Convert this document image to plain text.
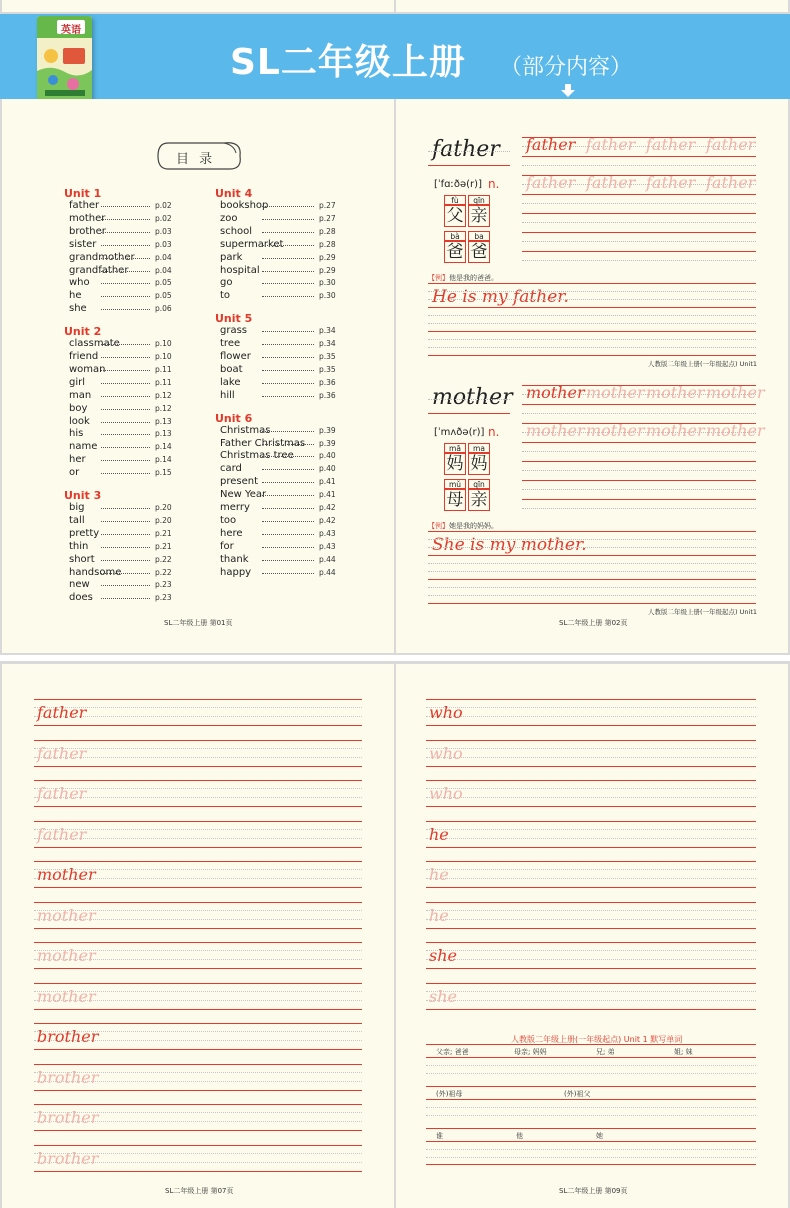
英语
SL二年级上册 （部分内容）
目 录
Unit 1
father	p.02
mother	p.02
brother	p.03
sister	p.03
grandmother	p.04
grandfather	p.04
who	p.05
he	p.05
she	p.06
Unit 2
classmate	p.10
friend	p.10
woman	p.11
girl	p.11
man	p.12
boy	p.12
look	p.13
his	p.13
name	p.14
her	p.14
or	p.15
Unit 3
big	p.20
tall	p.20
pretty	p.21
thin	p.21
short	p.22
handsome	p.22
new	p.23
does	p.23
Unit 4
bookshop	p.27
zoo	p.27
school	p.28
supermarket	p.28
park	p.29
hospital	p.29
go	p.30
to	p.30
Unit 5
grass	p.34
tree	p.34
flower	p.35
boat	p.35
lake	p.36
hill	p.36
Unit 6
Christmas	p.39
Father Christmas p.39
Christmas tree	p.40
card	p.40
present	p.41
New Year	p.41
merry	p.42
too	p.42
here	p.43
for	p.43
thank	p.44
happy	p.44
SL二年级上册 第01页
father
[ˈfɑːðə(r)] n.
fù
父
qīn
亲
bà
爸
ba
爸
【例】他是我的爸爸。
He is my father.
father father father father
father father father father
人教版二年级上册(一年级起点) Unit1
mother
[ˈmʌðə(r)] n.
mā
妈
ma
妈
mǔ
母
qīn
亲
【例】她是我的妈妈。
She is my mother.
mother mother mother mother
mother mother mother mother
人教版二年级上册(一年级起点) Unit1
SL二年级上册 第02页
father
father
father
father
mother
mother
mother
mother
brother
brother
brother
brother
SL二年级上册 第07页
who
who
who
he
he
he
she
she
人教版二年级上册(一年级起点) Unit 1 默写单词
父亲; 爸爸	母亲; 妈妈	兄; 弟	姐; 妹
(外)祖母	(外)祖父
谁	他	她
SL二年级上册 第09页
